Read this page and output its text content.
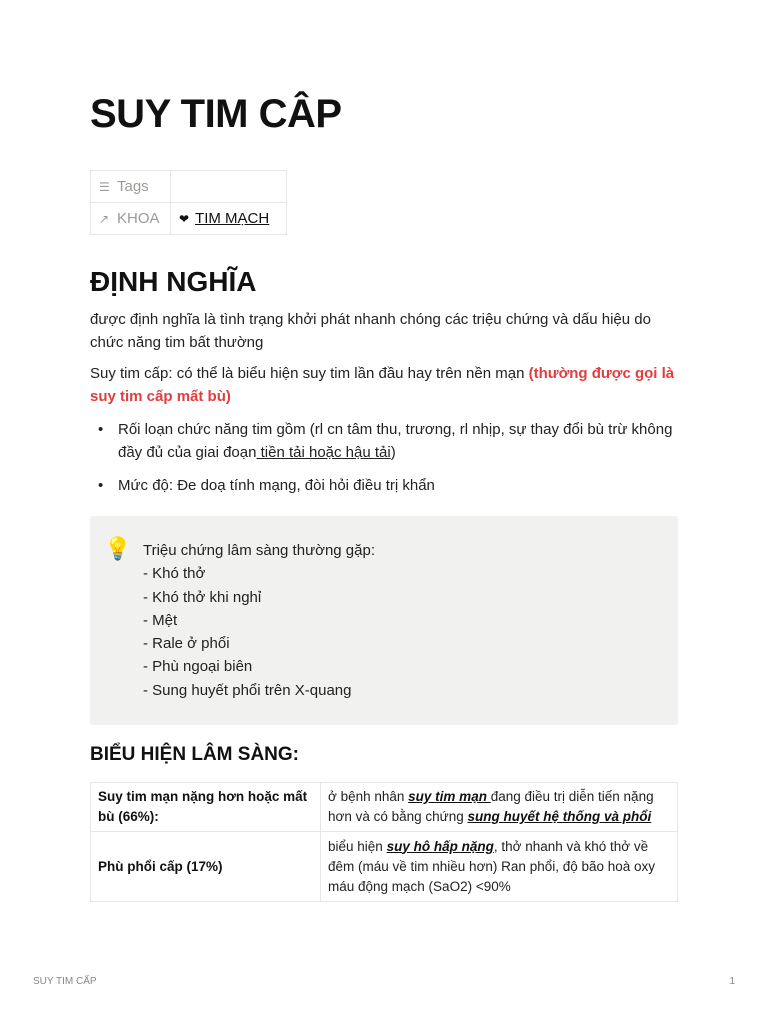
SUY TIM CÂP
☰ Tags	
↗ KHOA	❤ TIM MẠCH
ĐỊNH NGHĨA

được định nghĩa là tình trạng khởi phát nhanh chóng các triệu chứng và dấu hiệu do chức năng tim bất thường

Suy tim cấp: có thể là biểu hiện suy tim lần đầu hay trên nền mạn (thường được gọi là suy tim cấp mất bù)

• Rối loạn chức năng tim gồm (rl cn tâm thu, trương, rl nhịp, sự thay đổi bù trừ không đầy đủ của giai đoạn tiền tải hoặc hậu tải)
• Mức độ: Đe doạ tính mạng, đòi hỏi điều trị khẩn
💡 Triệu chứng lâm sàng thường gặp:
- Khó thở
- Khó thở khi nghỉ
- Mệt
- Rale ở phổi
- Phù ngoại biên
- Sung huyết phổi trên X-quang
BIỂU HIỆN LÂM SÀNG:
Suy tim mạn nặng hơn hoặc mất bù (66%):	ở bệnh nhân suy tim mạn đang điều trị diễn tiến nặng hơn và có bằng chứng sung huyết hệ thống và phổi
Phù phổi cấp (17%)	biểu hiện suy hô hấp nặng, thở nhanh và khó thở về đêm (máu về tim nhiều hơn) Ran phổi, độ bão hoà oxy máu động mạch (SaO2) <90%
SUY TIM CẤP	1
